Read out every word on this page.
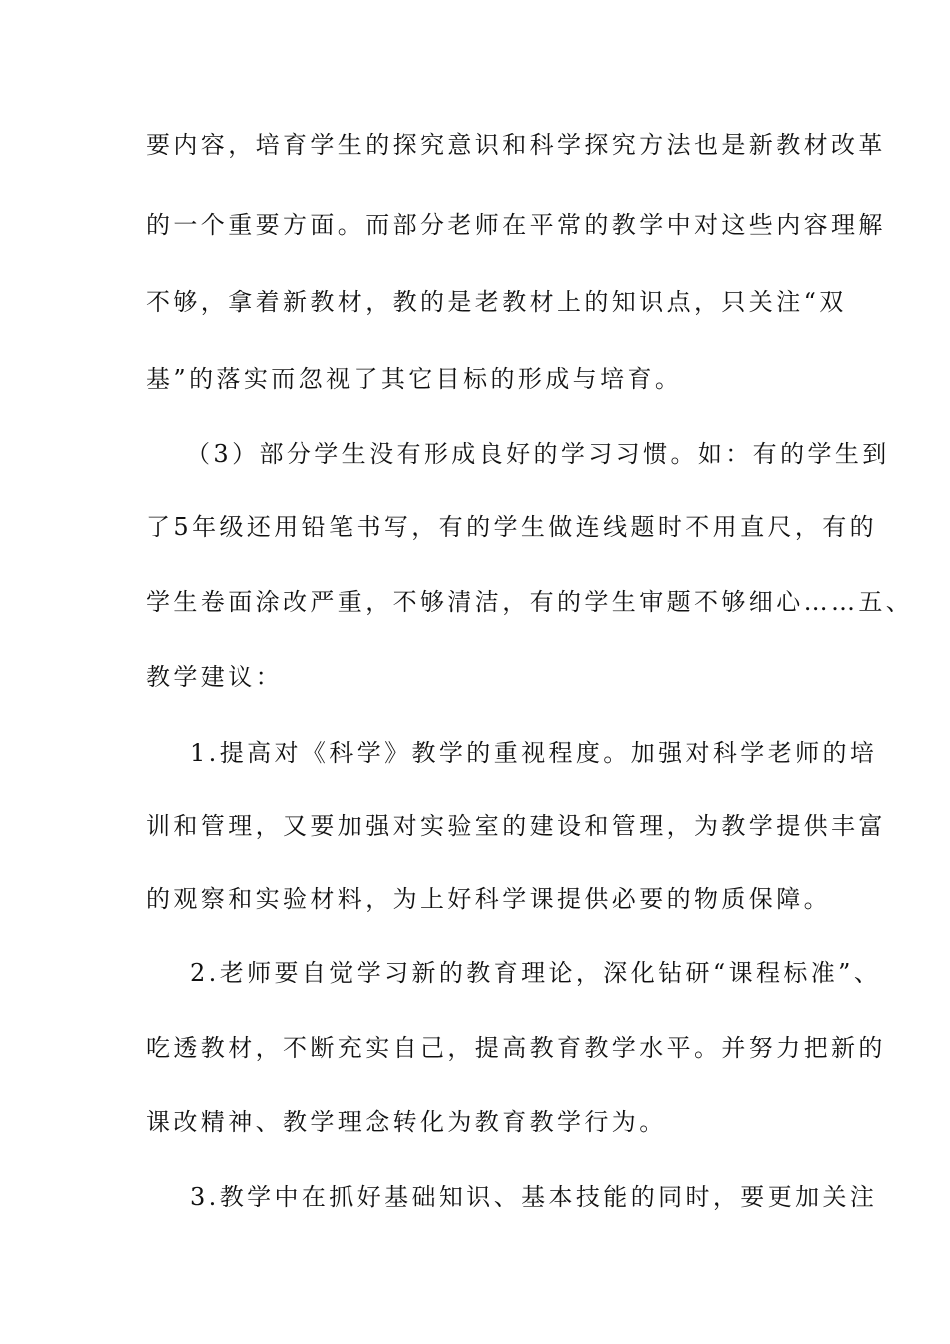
要内容，培育学生的探究意识和科学探究方法也是新教材改革
的一个重要方面。而部分老师在平常的教学中对这些内容理解
不够，拿着新教材，教的是老教材上的知识点，只关注“双
基”的落实而忽视了其它目标的形成与培育。
（3）部分学生没有形成良好的学习习惯。如：有的学生到
了5年级还用铅笔书写，有的学生做连线题时不用直尺，有的
学生卷面涂改严重，不够清洁，有的学生审题不够细心……五、
教学建议：
1.提高对《科学》教学的重视程度。加强对科学老师的培
训和管理，又要加强对实验室的建设和管理，为教学提供丰富
的观察和实验材料，为上好科学课提供必要的物质保障。
2.老师要自觉学习新的教育理论，深化钻研“课程标准”、
吃透教材，不断充实自己，提高教育教学水平。并努力把新的
课改精神、教学理念转化为教育教学行为。
3.教学中在抓好基础知识、基本技能的同时，要更加关注
